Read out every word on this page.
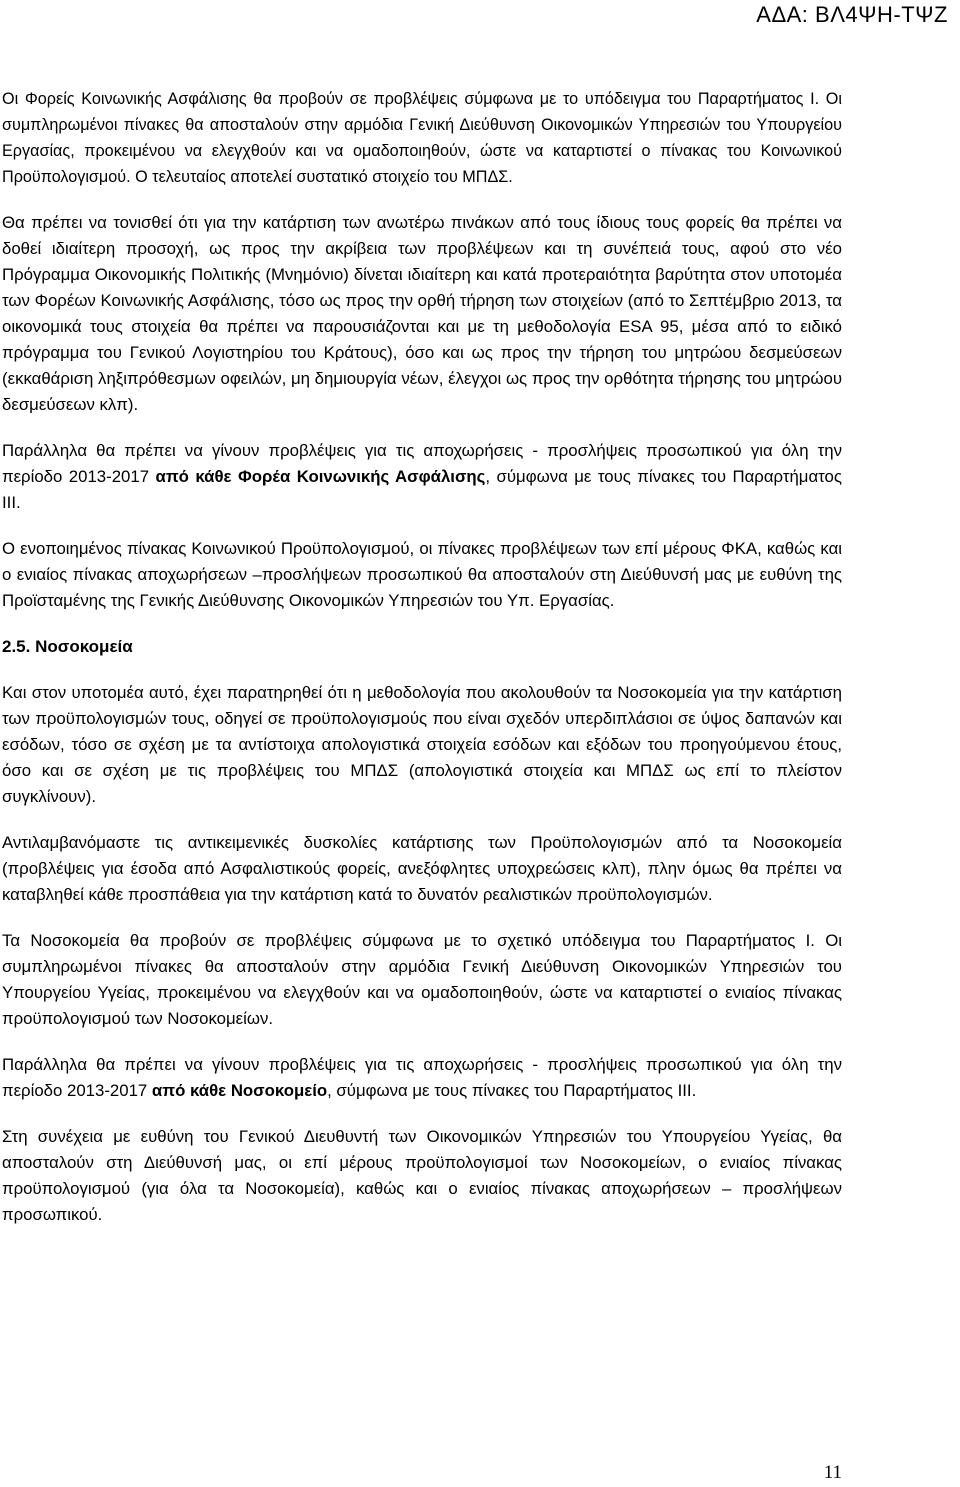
ΑΔΑ: ΒΛ4ΨΗ-ΤΨΖ

Οι Φορείς Κοινωνικής Ασφάλισης θα προβούν σε προβλέψεις σύμφωνα με το υπόδειγμα του Παραρτήματος Ι. Οι συμπληρωμένοι πίνακες θα αποσταλούν στην αρμόδια Γενική Διεύθυνση Οικονομικών Υπηρεσιών του Υπουργείου Εργασίας, προκειμένου να ελεγχθούν και να ομαδοποιηθούν, ώστε να καταρτιστεί ο πίνακας του Κοινωνικού Προϋπολογισμού. Ο τελευταίος αποτελεί συστατικό στοιχείο του ΜΠΔΣ.

Θα πρέπει να τονισθεί ότι για την κατάρτιση των ανωτέρω πινάκων από τους ίδιους τους φορείς θα πρέπει να δοθεί ιδιαίτερη προσοχή, ως προς την ακρίβεια των προβλέψεων και τη συνέπειά τους, αφού στο νέο Πρόγραμμα Οικονομικής Πολιτικής (Μνημόνιο) δίνεται ιδιαίτερη και κατά προτεραιότητα βαρύτητα στον υποτομέα των Φορέων Κοινωνικής Ασφάλισης, τόσο ως προς την ορθή τήρηση των στοιχείων (από το Σεπτέμβριο 2013, τα οικονομικά τους στοιχεία θα πρέπει να παρουσιάζονται και με τη μεθοδολογία ESA 95, μέσα από το ειδικό πρόγραμμα του Γενικού Λογιστηρίου του Κράτους), όσο και ως προς την τήρηση του μητρώου δεσμεύσεων (εκκαθάριση ληξιπρόθεσμων οφειλών, μη δημιουργία νέων, έλεγχοι ως προς την ορθότητα τήρησης του μητρώου δεσμεύσεων κλπ).

Παράλληλα θα πρέπει να γίνουν προβλέψεις για τις αποχωρήσεις - προσλήψεις προσωπικού για όλη την περίοδο 2013-2017 από κάθε Φορέα Κοινωνικής Ασφάλισης, σύμφωνα με τους πίνακες του Παραρτήματος ΙΙΙ.

Ο ενοποιημένος πίνακας Κοινωνικού Προϋπολογισμού, οι πίνακες προβλέψεων των επί μέρους ΦΚΑ, καθώς και ο ενιαίος πίνακας αποχωρήσεων –προσλήψεων προσωπικού θα αποσταλούν στη Διεύθυνσή μας με ευθύνη της Προϊσταμένης της Γενικής Διεύθυνσης Οικονομικών Υπηρεσιών του Υπ. Εργασίας.

2.5. Νοσοκομεία

Και στον υποτομέα αυτό, έχει παρατηρηθεί ότι η μεθοδολογία που ακολουθούν τα Νοσοκομεία για την κατάρτιση των προϋπολογισμών τους, οδηγεί σε προϋπολογισμούς που είναι σχεδόν υπερδιπλάσιοι σε ύψος δαπανών και εσόδων, τόσο σε σχέση με τα αντίστοιχα απολογιστικά στοιχεία εσόδων και εξόδων του προηγούμενου έτους, όσο και σε σχέση με τις προβλέψεις του ΜΠΔΣ (απολογιστικά στοιχεία και ΜΠΔΣ ως επί το πλείστον συγκλίνουν).

Αντιλαμβανόμαστε τις αντικειμενικές δυσκολίες κατάρτισης των Προϋπολογισμών από τα Νοσοκομεία (προβλέψεις για έσοδα από Ασφαλιστικούς φορείς, ανεξόφλητες υποχρεώσεις κλπ), πλην όμως θα πρέπει να καταβληθεί κάθε προσπάθεια για την κατάρτιση κατά το δυνατόν ρεαλιστικών προϋπολογισμών.

Τα Νοσοκομεία θα προβούν σε προβλέψεις σύμφωνα με το σχετικό υπόδειγμα του Παραρτήματος Ι. Οι συμπληρωμένοι πίνακες θα αποσταλούν στην αρμόδια Γενική Διεύθυνση Οικονομικών Υπηρεσιών του Υπουργείου Υγείας, προκειμένου να ελεγχθούν και να ομαδοποιηθούν, ώστε να καταρτιστεί ο ενιαίος πίνακας προϋπολογισμού των Νοσοκομείων.

Παράλληλα θα πρέπει να γίνουν προβλέψεις για τις αποχωρήσεις - προσλήψεις προσωπικού για όλη την περίοδο 2013-2017 από κάθε Νοσοκομείο, σύμφωνα με τους πίνακες του Παραρτήματος ΙΙΙ.

Στη συνέχεια με ευθύνη του Γενικού Διευθυντή των Οικονομικών Υπηρεσιών του Υπουργείου Υγείας, θα αποσταλούν στη Διεύθυνσή μας, οι επί μέρους προϋπολογισμοί των Νοσοκομείων, ο ενιαίος πίνακας προϋπολογισμού (για όλα τα Νοσοκομεία), καθώς και ο ενιαίος πίνακας αποχωρήσεων – προσλήψεων προσωπικού.

11
